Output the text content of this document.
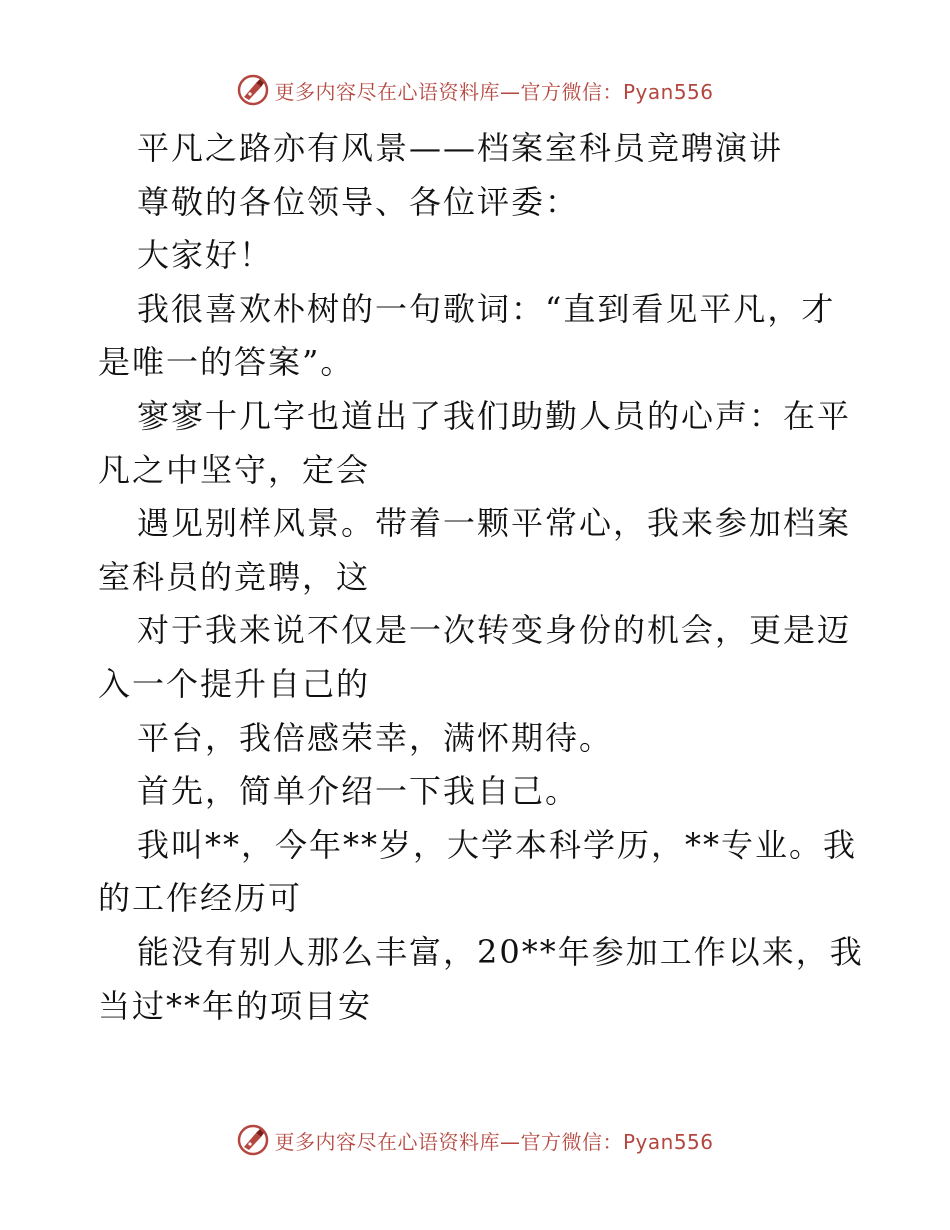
更多内容尽在心语资料库—官方微信：Pyan556
平凡之路亦有风景——档案室科员竞聘演讲
尊敬的各位领导、各位评委：
大家好！
我很喜欢朴树的一句歌词：“直到看见平凡，才
是唯一的答案”。
寥寥十几字也道出了我们助勤人员的心声：在平
凡之中坚守，定会
遇见别样风景。带着一颗平常心，我来参加档案
室科员的竞聘，这
对于我来说不仅是一次转变身份的机会，更是迈
入一个提升自己的
平台，我倍感荣幸，满怀期待。
首先，简单介绍一下我自己。
我叫**，今年**岁，大学本科学历，**专业。我
的工作经历可
能没有别人那么丰富，20**年参加工作以来，我
当过**年的项目安
更多内容尽在心语资料库—官方微信：Pyan556
